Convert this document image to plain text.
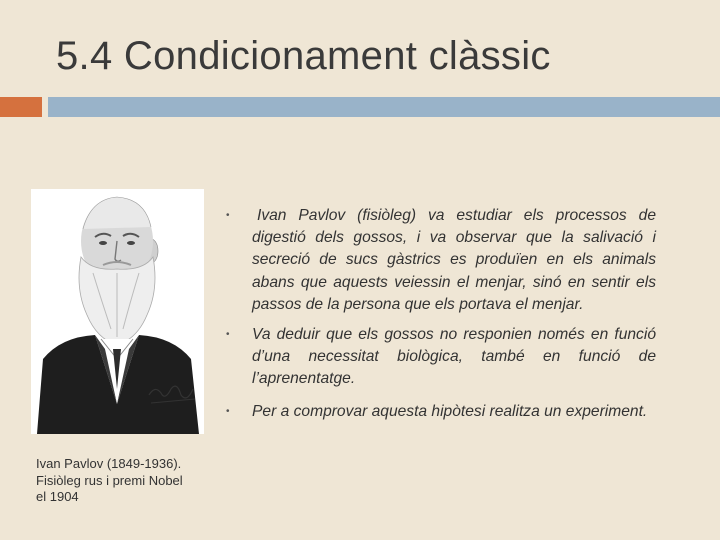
5.4 Condicionament clàssic
Ivan Pavlov (1849-1936).
Fisiòleg rus i premi Nobel
el 1904
• Ivan Pavlov (fisiòleg) va estudiar els processos de digestió dels gossos, i va observar que la salivació i secreció de sucs gàstrics es produïen en els animals abans que aquests veiessin el menjar, sinó en sentir els passos de la persona que els portava el menjar.
• Va deduir que els gossos no responien només en funció d’una necessitat biològica, també en funció de l’aprenentatge.
• Per a comprovar aquesta hipòtesi realitza un experiment.
